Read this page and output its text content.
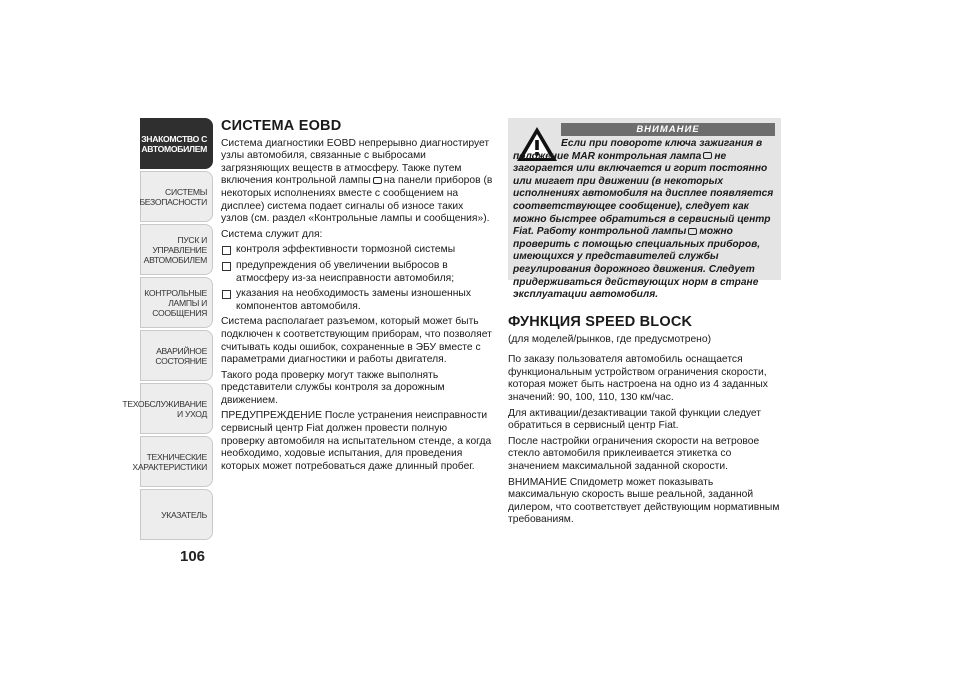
ЗНАКОМСТВО С
АВТОМОБИЛЕМ
СИСТЕМЫ
БЕЗОПАСНОСТИ
ПУСК И УПРАВЛЕНИЕ
АВТОМОБИЛЕМ
КОНТРОЛЬНЫЕ
ЛАМПЫ И
СООБЩЕНИЯ
АВАРИЙНОЕ
СОСТОЯНИЕ
ТЕХОБСЛУЖИВАНИЕ
И УХОД
ТЕХНИЧЕСКИЕ
ХАРАКТЕРИСТИКИ
УКАЗАТЕЛЬ
106
СИСТЕМА EOBD

Система диагностики EOBD непрерывно диагностирует узлы автомобиля, связанные с выбросами загрязняющих веществ в атмосферу. Также путем включения контрольной лампы на панели приборов (в некоторых исполнениях вместе с сообщением на дисплее) система подает сигналы об износе таких узлов (см. раздел «Контрольные лампы и сообщения»).

Система служит для:

контроля эффективности тормозной системы
предупреждения об увеличении выбросов в атмосферу из-за неисправности автомобиля;
указания на необходимость замены изношенных компонентов автомобиля.

Система располагает разъемом, который может быть подключен к соответствующим приборам, что позволяет считывать коды ошибок, сохраненные в ЭБУ вместе с параметрами диагностики и работы двигателя.

Такого рода проверку могут также выполнять представители службы контроля за дорожным движением.

ПРЕДУПРЕЖДЕНИЕ После устранения неисправности сервисный центр Fiat должен провести полную проверку автомобиля на испытательном стенде, а когда необходимо, ходовые испытания, для проведения которых может потребоваться даже длинный пробег.

ВНИМАНИЕ
Если при повороте ключа зажигания в положение MAR контрольная лампа не загорается или включается и горит постоянно или мигает при движении (в некоторых исполнениях автомобиля на дисплее появляется соответствующее сообщение), следует как можно быстрее обратиться в сервисный центр Fiat. Работу контрольной лампы можно проверить с помощью специальных приборов, имеющихся у представителей службы регулирования дорожного движения. Следует придерживаться действующих норм в стране эксплуатации автомобиля.
ФУНКЦИЯ SPEED BLOCK

(для моделей/рынков, где предусмотрено)

По заказу пользователя автомобиль оснащается функциональным устройством ограничения скорости, которая может быть настроена на одно из 4 заданных значений: 90, 100, 110, 130 км/час.

Для активации/дезактивации такой функции следует обратиться в сервисный центр Fiat.

После настройки ограничения скорости на ветровое стекло автомобиля приклеивается этикетка со значением максимальной заданной скорости.

ВНИМАНИЕ Спидометр может показывать максимальную скорость выше реальной, заданной дилером, что соответствует действующим нормативным требованиям.
